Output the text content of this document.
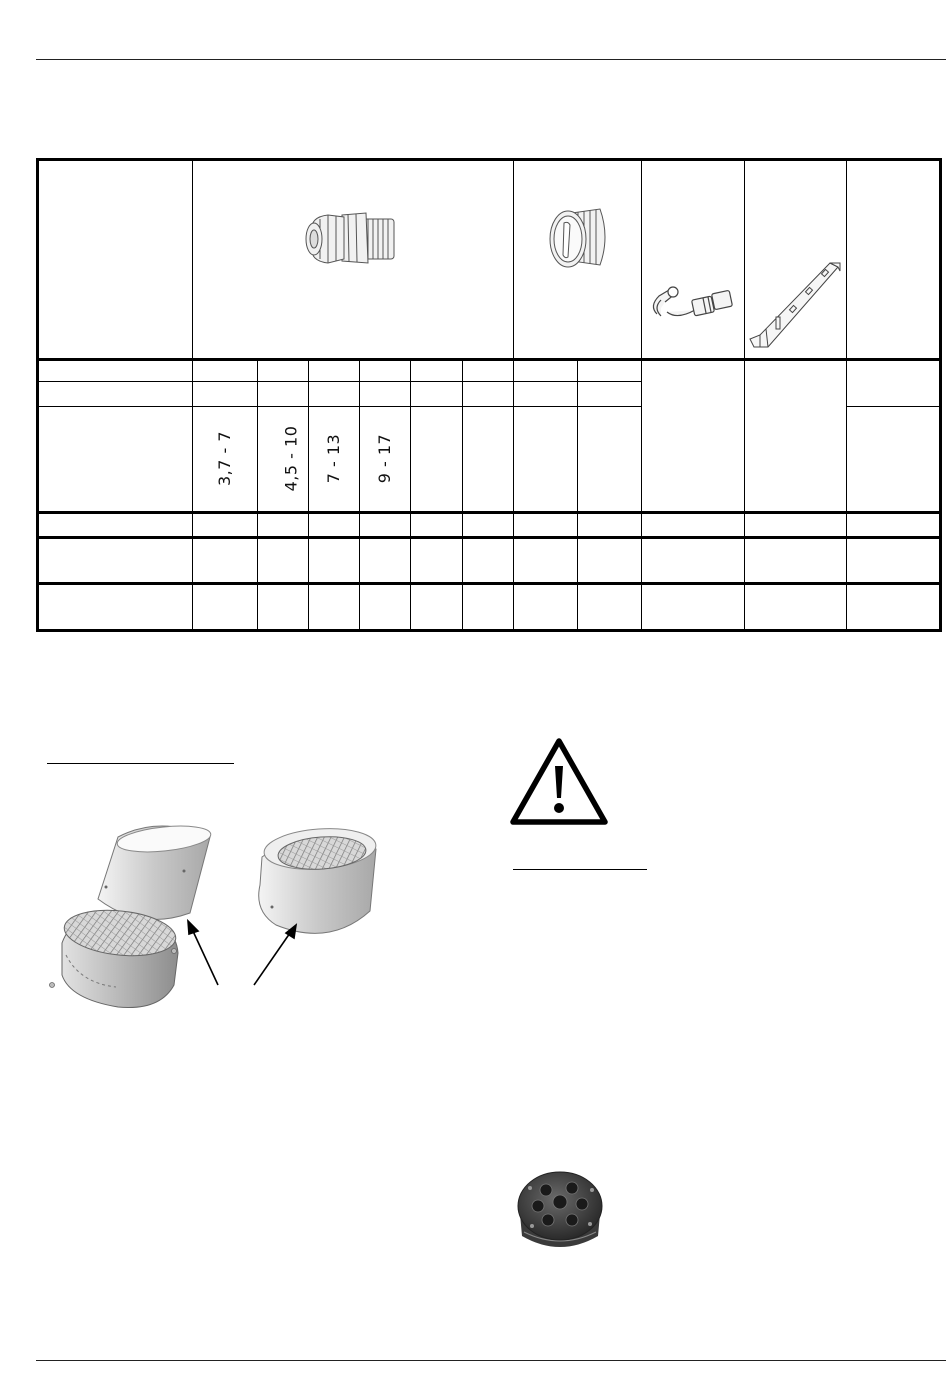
	3,7 - 7	4,5 - 10	7 - 13	9 - 17							
